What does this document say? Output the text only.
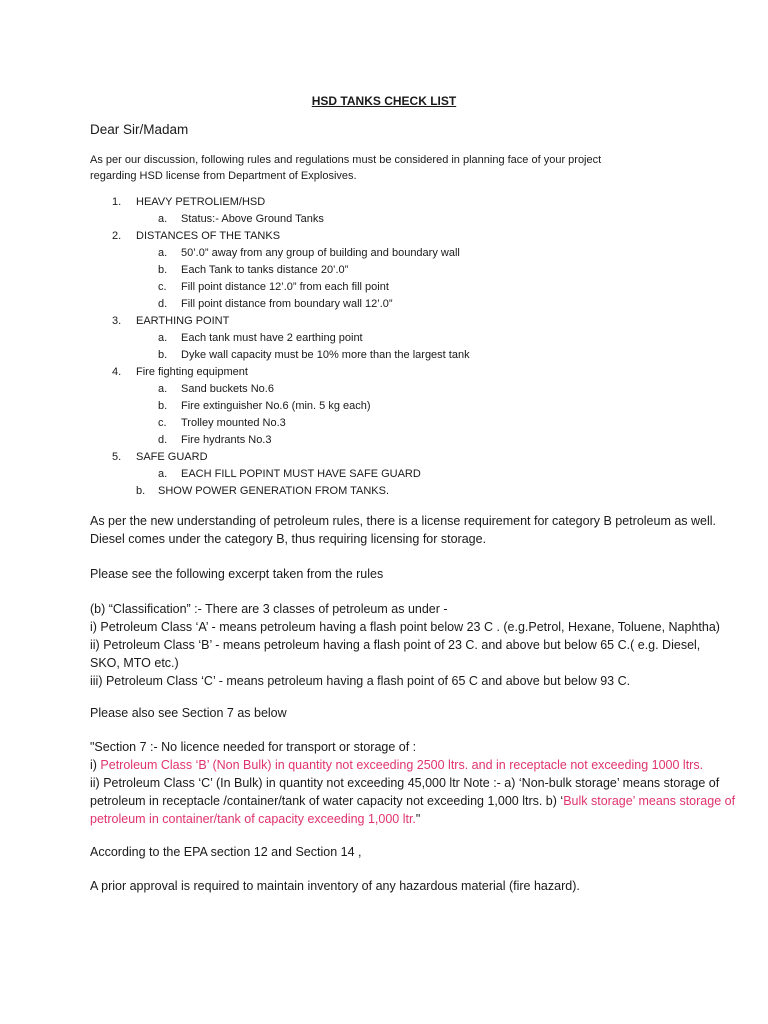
HSD TANKS CHECK LIST
Dear Sir/Madam
As per our discussion, following rules and regulations must be considered in planning face of your project
regarding HSD license from Department of Explosives.
1. HEAVY PETROLIEM/HSD
a. Status:- Above Ground Tanks
2. DISTANCES OF THE TANKS
a. 50’.0” away from any group of building and boundary wall
b. Each Tank to tanks distance 20’.0”
c. Fill point distance 12’.0” from each fill point
d. Fill point distance from boundary wall 12’.0”
3. EARTHING POINT
a. Each tank must have 2 earthing point
b. Dyke wall capacity must be 10% more than the largest tank
4. Fire fighting equipment
a. Sand buckets No.6
b. Fire extinguisher No.6 (min. 5 kg each)
c. Trolley mounted No.3
d. Fire hydrants No.3
5. SAFE GUARD
a. EACH FILL POPINT MUST HAVE SAFE GUARD
b. SHOW POWER GENERATION FROM TANKS.
As per the new understanding of petroleum rules, there is a license requirement for category B petroleum as well.
Diesel comes under the category B, thus requiring licensing for storage.
Please see the following excerpt taken from the rules
(b) “Classification” :- There are 3 classes of petroleum as under -
i) Petroleum Class ‘A’ - means petroleum having a flash point below 23 C . (e.g.Petrol, Hexane, Toluene, Naphtha)
ii) Petroleum Class ‘B’ - means petroleum having a flash point of 23 C. and above but below 65 C.( e.g. Diesel,
SKO, MTO etc.)
iii) Petroleum Class ‘C’ - means petroleum having a flash point of 65 C and above but below 93 C.
Please also see Section 7 as below
"Section 7 :- No licence needed for transport or storage of :
i) Petroleum Class ‘B’ (Non Bulk) in quantity not exceeding 2500 ltrs. and in receptacle not exceeding 1000 ltrs.
ii) Petroleum Class ‘C’ (In Bulk) in quantity not exceeding 45,000 ltr Note :- a) ‘Non-bulk storage’ means storage of
petroleum in receptacle /container/tank of water capacity not exceeding 1,000 ltrs. b) ‘Bulk storage’ means storage of
petroleum in container/tank of capacity exceeding 1,000 ltr."
According to the EPA section 12 and Section 14 ,
A prior approval is required to maintain inventory of any hazardous material (fire hazard).
